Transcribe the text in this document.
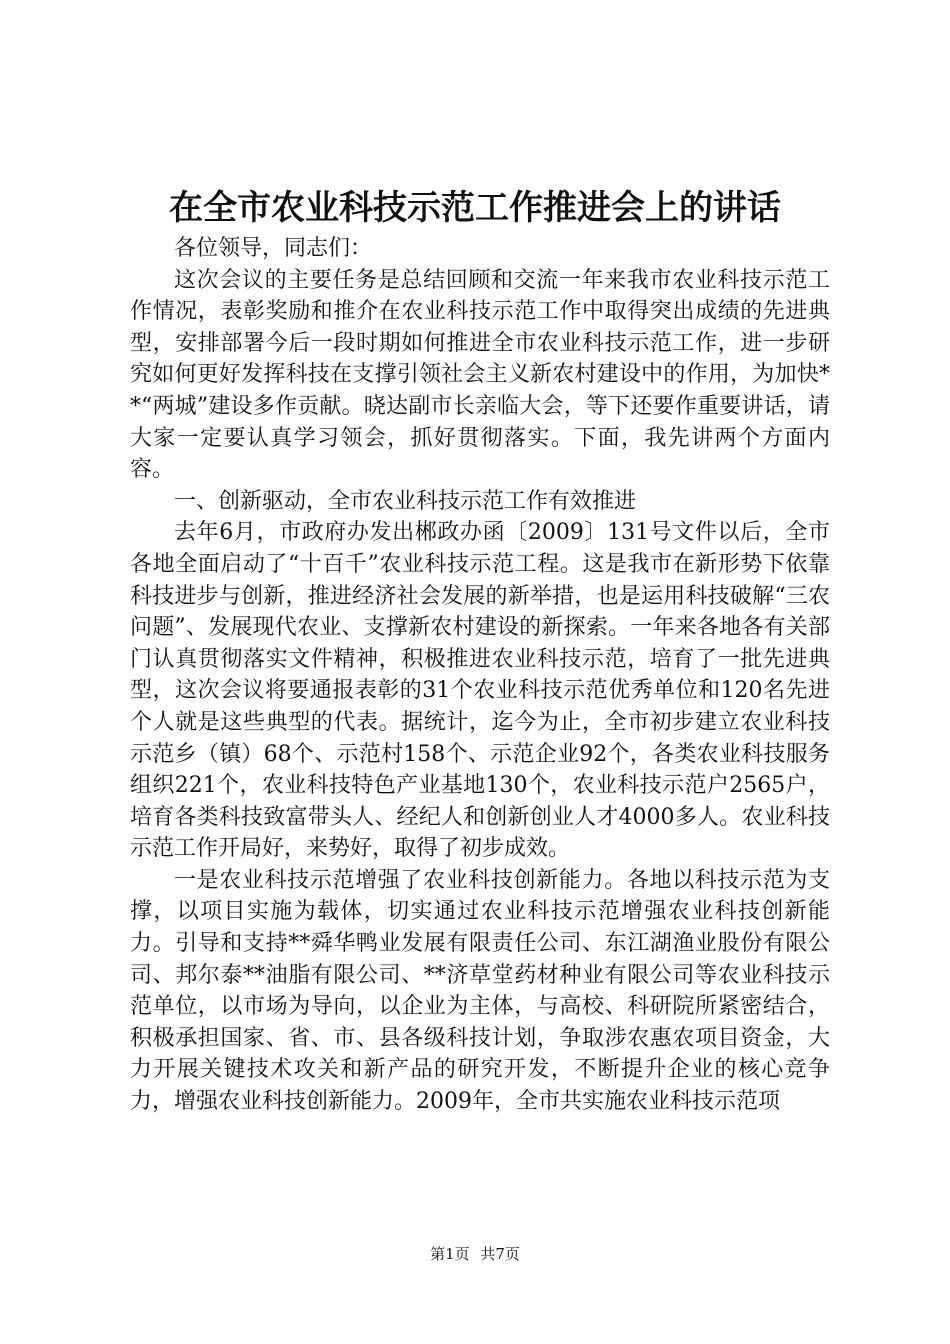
在全市农业科技示范工作推进会上的讲话

各位领导，同志们：

这次会议的主要任务是总结回顾和交流一年来我市农业科技示范工作情况，表彰奖励和推介在农业科技示范工作中取得突出成绩的先进典型，安排部署今后一段时期如何推进全市农业科技示范工作，进一步研究如何更好发挥科技在支撑引领社会主义新农村建设中的作用，为加快**“两城”建设多作贡献。晓达副市长亲临大会，等下还要作重要讲话，请大家一定要认真学习领会，抓好贯彻落实。下面，我先讲两个方面内容。

一、创新驱动，全市农业科技示范工作有效推进

去年6月，市政府办发出郴政办函〔2009〕131号文件以后，全市各地全面启动了“十百千”农业科技示范工程。这是我市在新形势下依靠科技进步与创新，推进经济社会发展的新举措，也是运用科技破解“三农问题”、发展现代农业、支撑新农村建设的新探索。一年来各地各有关部门认真贯彻落实文件精神，积极推进农业科技示范，培育了一批先进典型，这次会议将要通报表彰的31个农业科技示范优秀单位和120名先进个人就是这些典型的代表。据统计，迄今为止，全市初步建立农业科技示范乡（镇）68个、示范村158个、示范企业92个，各类农业科技服务组织221个，农业科技特色产业基地130个，农业科技示范户2565户，培育各类科技致富带头人、经纪人和创新创业人才4000多人。农业科技示范工作开局好，来势好，取得了初步成效。

一是农业科技示范增强了农业科技创新能力。各地以科技示范为支撑，以项目实施为载体，切实通过农业科技示范增强农业科技创新能力。引导和支持**舜华鸭业发展有限责任公司、东江湖渔业股份有限公司、邦尔泰**油脂有限公司、**济草堂药材种业有限公司等农业科技示范单位，以市场为导向，以企业为主体，与高校、科研院所紧密结合，积极承担国家、省、市、县各级科技计划，争取涉农惠农项目资金，大力开展关键技术攻关和新产品的研究开发，不断提升企业的核心竞争力，增强农业科技创新能力。2009年，全市共实施农业科技示范项

第1页 共7页
